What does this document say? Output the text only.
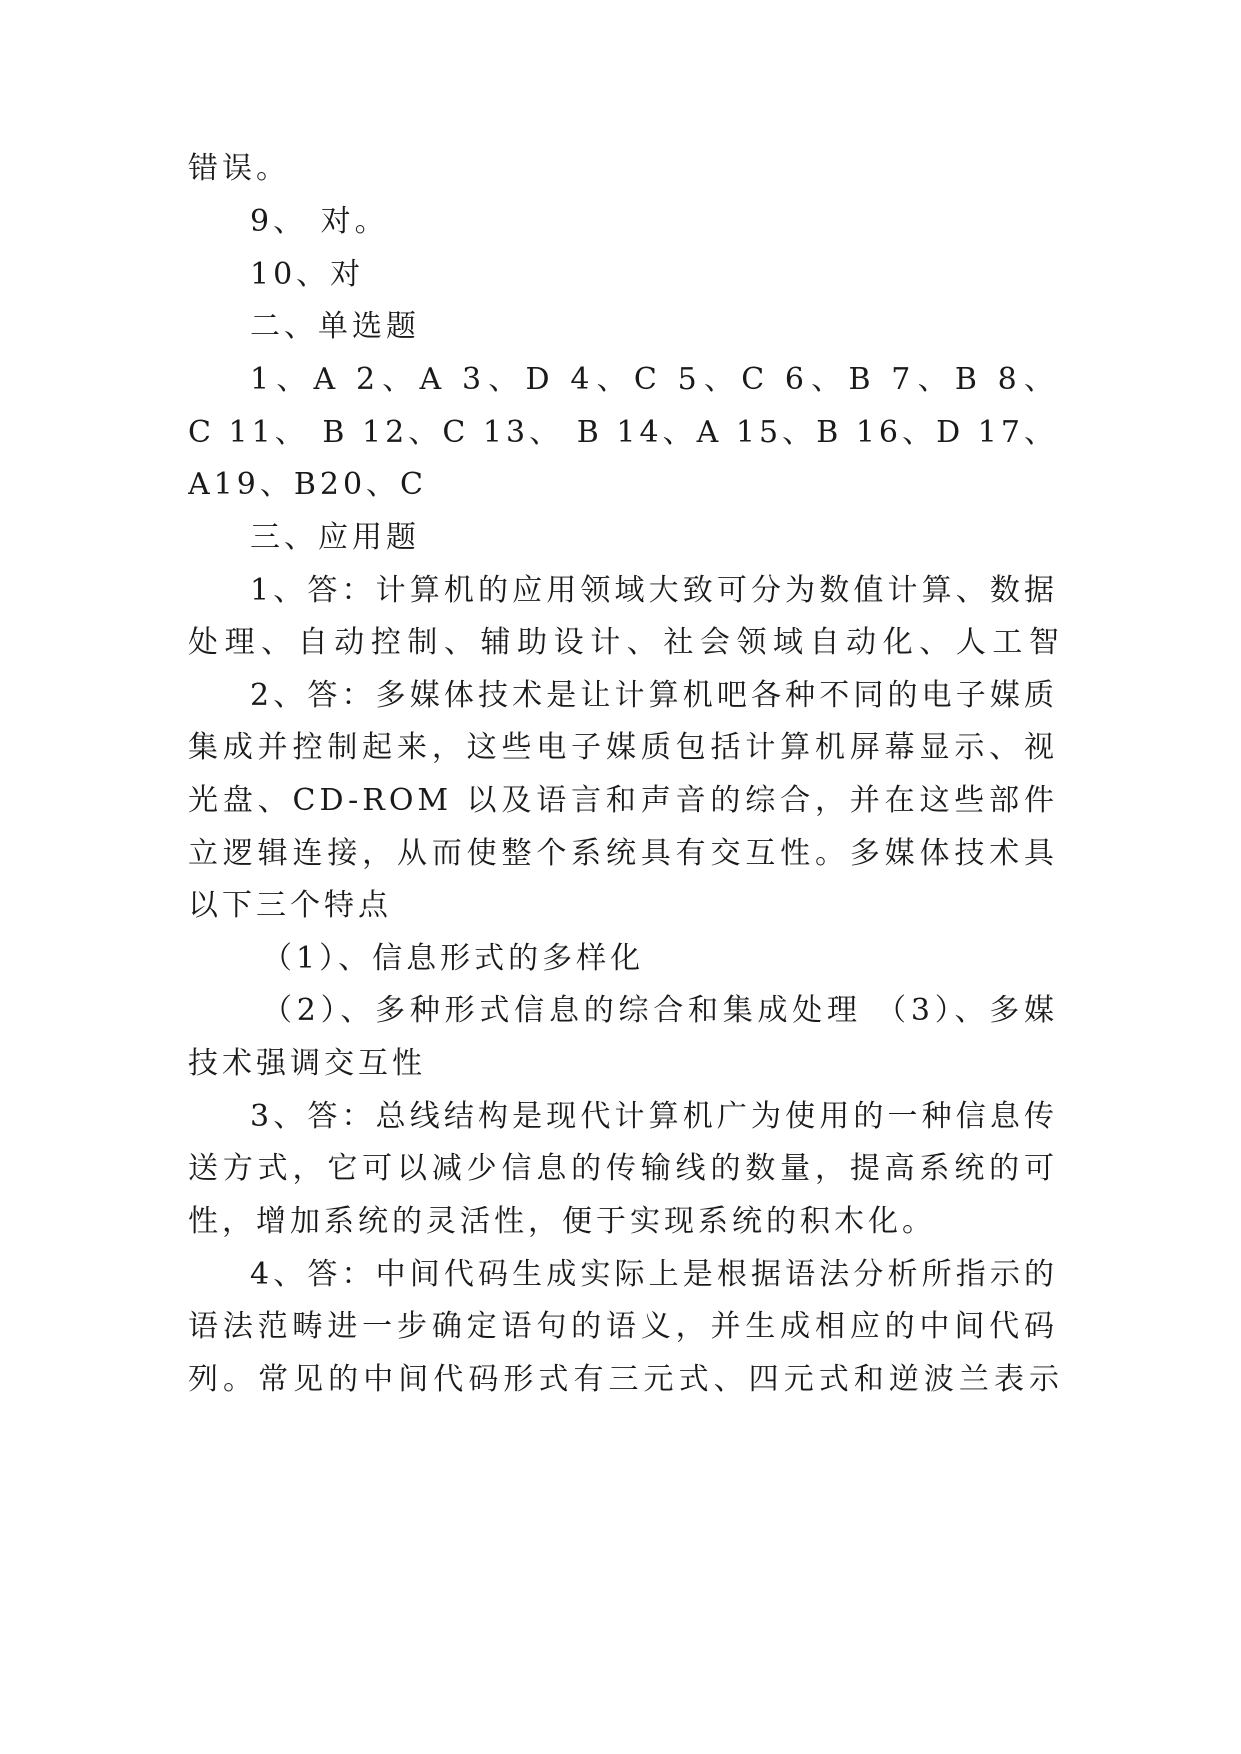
错误。
9、 对。
10、对
二、单选题
1、A 2、A 3、D 4、C 5、C 6、B 7、B 8、
C 11、 B 12、C 13、 B 14、A 15、B 16、D 17、
A19、B20、C
三、应用题
1、答：计算机的应用领域大致可分为数值计算、数据
处理、自动控制、辅助设计、社会领域自动化、人工智
2、答：多媒体技术是让计算机吧各种不同的电子媒质
集成并控制起来，这些电子媒质包括计算机屏幕显示、视
光盘、CD-ROM 以及语言和声音的综合，并在这些部件
立逻辑连接，从而使整个系统具有交互性。多媒体技术具
以下三个特点
（1）、信息形式的多样化
（2）、多种形式信息的综合和集成处理 （3）、多媒
技术强调交互性
3、答：总线结构是现代计算机广为使用的一种信息传
送方式，它可以减少信息的传输线的数量，提高系统的可
性，增加系统的灵活性，便于实现系统的积木化。
4、答：中间代码生成实际上是根据语法分析所指示的
语法范畴进一步确定语句的语义，并生成相应的中间代码
列。常见的中间代码形式有三元式、四元式和逆波兰表示
